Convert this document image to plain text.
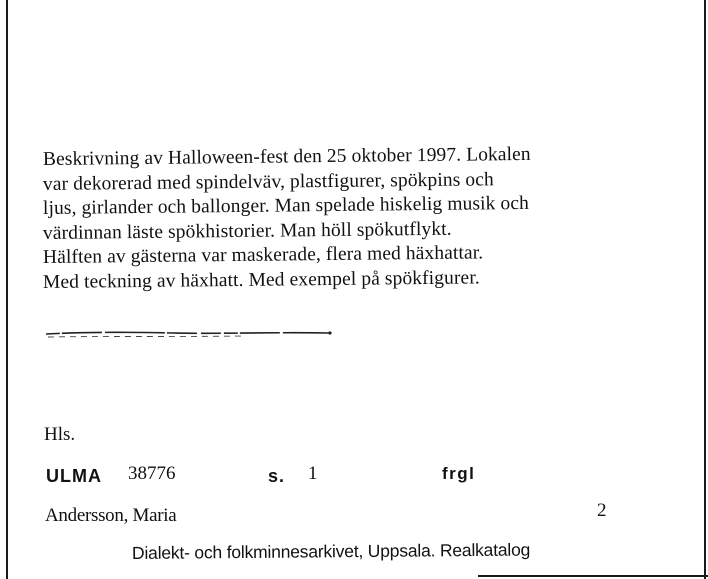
Beskrivning av Halloween-fest den 25 oktober 1997. Lokalen
var dekorerad med spindelväv, plastfigurer, spökpins och
ljus, girlander och ballonger. Man spelade hiskelig musik och
värdinnan läste spökhistorier. Man höll spökutflykt.
Hälften av gästerna var maskerade, flera med häxhattar.
Med teckning av häxhatt. Med exempel på spökfigurer.
Hls.
ULMA 38776	s. 1	frgl
Andersson, Maria	2
Dialekt- och folkminnesarkivet, Uppsala. Realkatalog
